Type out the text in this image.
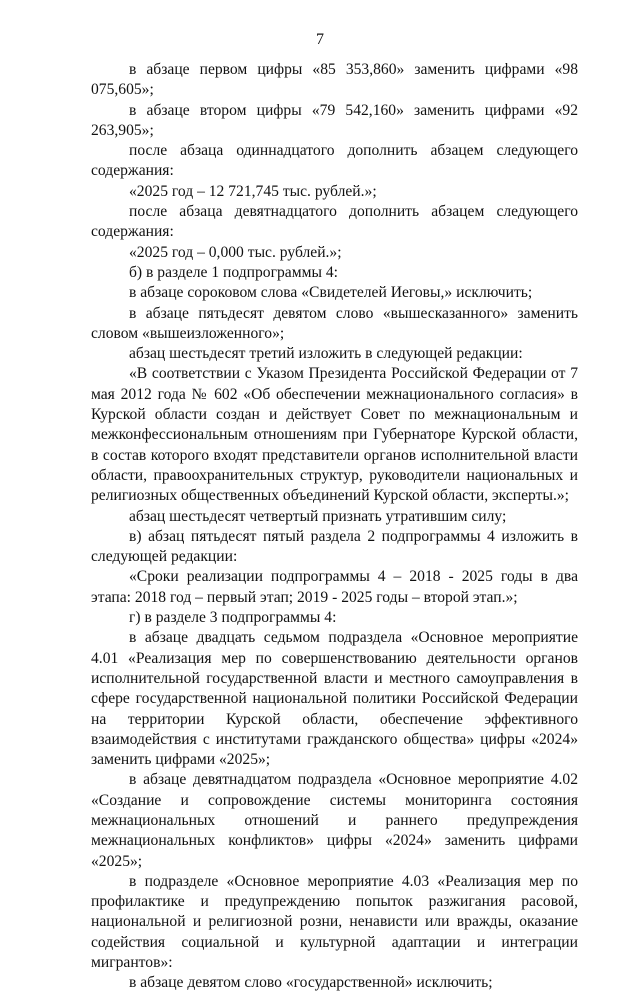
7

в абзаце первом цифры «85 353,860» заменить цифрами «98 075,605»;

в абзаце втором цифры «79 542,160» заменить цифрами «92 263,905»;

после абзаца одиннадцатого дополнить абзацем следующего содержания:

«2025 год – 12 721,745 тыс. рублей.»;

после абзаца девятнадцатого дополнить абзацем следующего содержания:

«2025 год – 0,000 тыс. рублей.»;

б) в разделе 1 подпрограммы 4:

в абзаце сороковом слова «Свидетелей Иеговы,» исключить;

в абзаце пятьдесят девятом слово «вышесказанного» заменить словом «вышеизложенного»;

абзац шестьдесят третий изложить в следующей редакции:

«В соответствии с Указом Президента Российской Федерации от 7 мая 2012 года № 602 «Об обеспечении межнационального согласия» в Курской области создан и действует Совет по межнациональным и межконфессиональным отношениям при Губернаторе Курской области, в состав которого входят представители органов исполнительной власти области, правоохранительных структур, руководители национальных и религиозных общественных объединений Курской области, эксперты.»;

абзац шестьдесят четвертый признать утратившим силу;

в) абзац пятьдесят пятый раздела 2 подпрограммы 4 изложить в следующей редакции:

«Сроки реализации подпрограммы 4 – 2018 - 2025 годы в два этапа: 2018 год – первый этап; 2019 - 2025 годы – второй этап.»;

г) в разделе 3 подпрограммы 4:

в абзаце двадцать седьмом подраздела «Основное мероприятие 4.01 «Реализация мер по совершенствованию деятельности органов исполнительной государственной власти и местного самоуправления в сфере государственной национальной политики Российской Федерации на территории Курской области, обеспечение эффективного взаимодействия с институтами гражданского общества» цифры «2024» заменить цифрами «2025»;

в абзаце девятнадцатом подраздела «Основное мероприятие 4.02 «Создание и сопровождение системы мониторинга состояния межнациональных отношений и раннего предупреждения межнациональных конфликтов» цифры «2024» заменить цифрами «2025»;

в подразделе «Основное мероприятие 4.03 «Реализация мер по профилактике и предупреждению попыток разжигания расовой, национальной и религиозной розни, ненависти или вражды, оказание содействия социальной и культурной адаптации и интеграции мигрантов»:

в абзаце девятом слово «государственной» исключить;
